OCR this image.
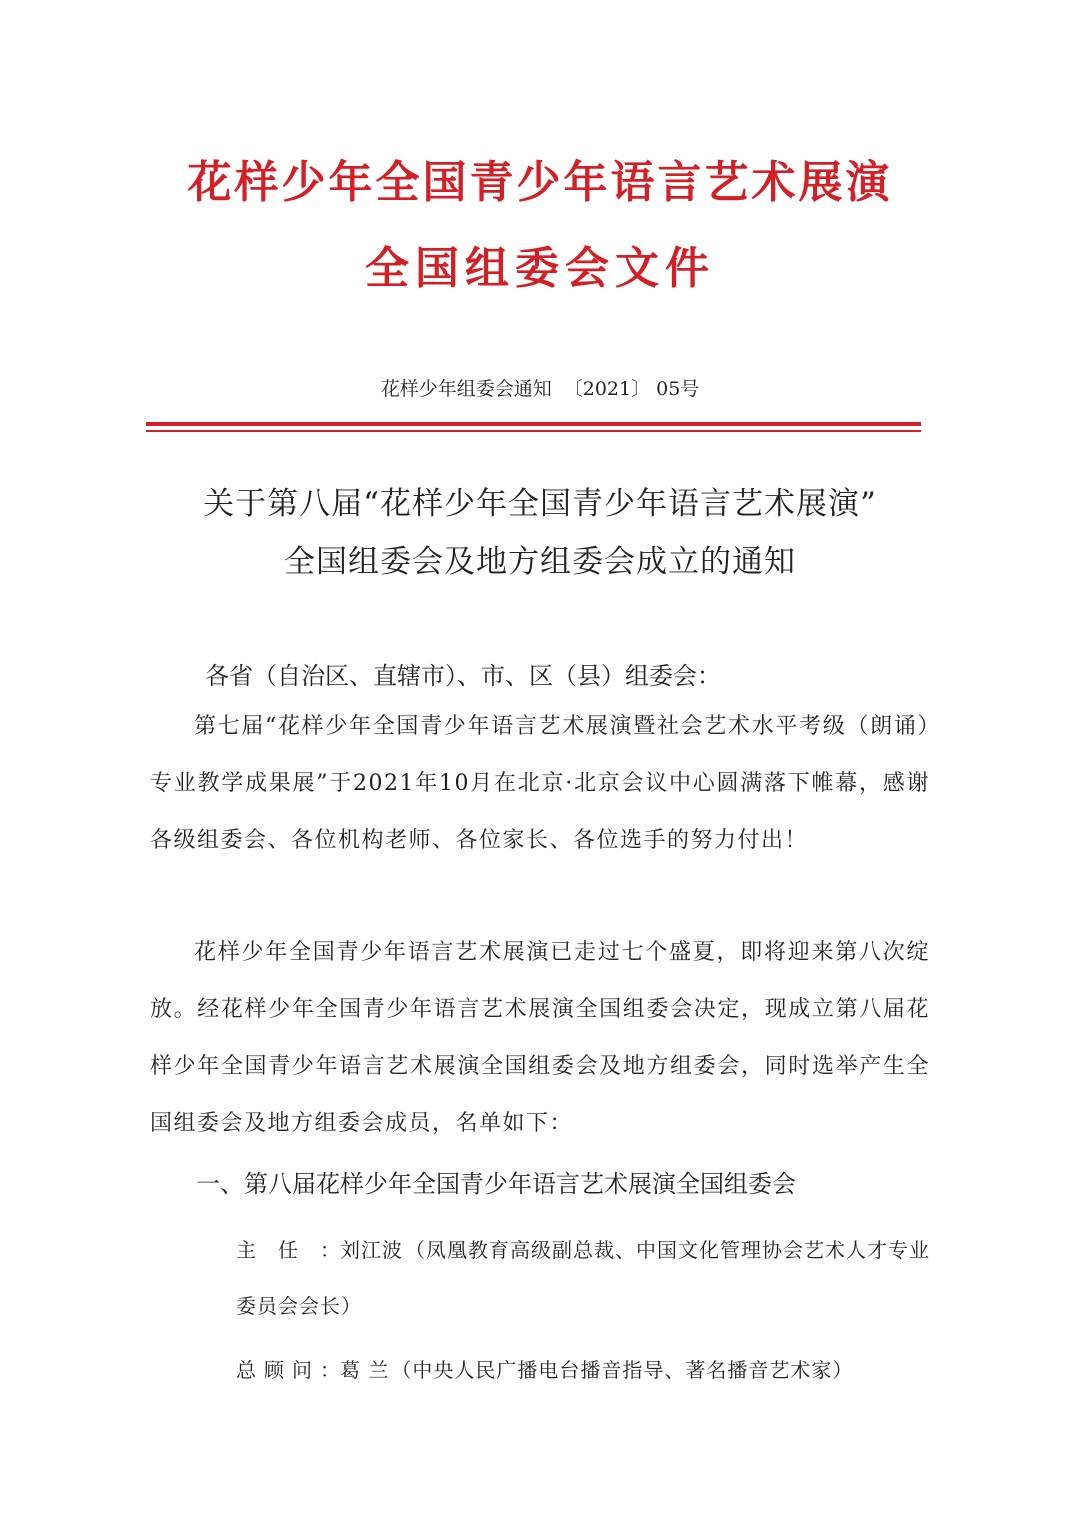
花样少年全国青少年语言艺术展演
全国组委会文件
花样少年组委会通知 〔2021〕 05号
关于第八届“花样少年全国青少年语言艺术展演”
全国组委会及地方组委会成立的通知
各省（自治区、直辖市）、市、区（县）组委会：
第七届“花样少年全国青少年语言艺术展演暨社会艺术水平考级（朗诵）专业教学成果展”于2021年10月在北京·北京会议中心圆满落下帷幕，感谢各级组委会、各位机构老师、各位家长、各位选手的努力付出！
花样少年全国青少年语言艺术展演已走过七个盛夏，即将迎来第八次绽放。经花样少年全国青少年语言艺术展演全国组委会决定，现成立第八届花样少年全国青少年语言艺术展演全国组委会及地方组委会，同时选举产生全国组委会及地方组委会成员，名单如下：
一、第八届花样少年全国青少年语言艺术展演全国组委会
主任：刘江波 （凤凰教育高级副总裁、中国文化管理协会艺术人才专业委员会会长）
总顾问：葛 兰 （中央人民广播电台播音指导、著名播音艺术家）
